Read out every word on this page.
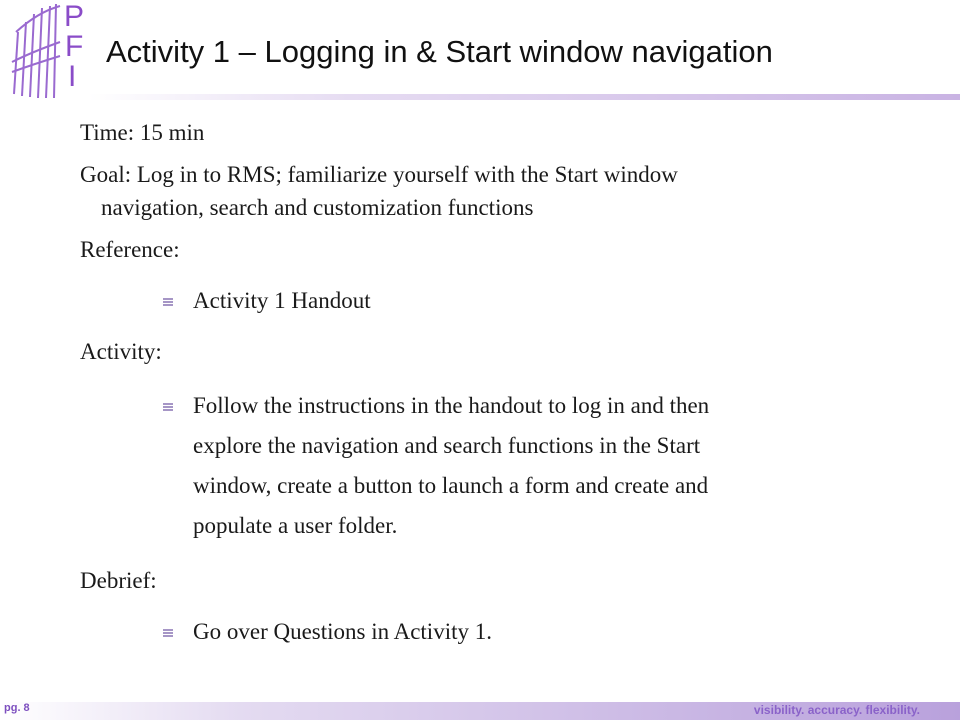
P
F
I
Activity 1 – Logging in & Start window navigation

Time: 15 min

Goal: Log in to RMS; familiarize yourself with the Start window
navigation, search and customization functions

Reference:

Activity 1 Handout

Activity:

Follow the instructions in the handout to log in and then
explore the navigation and search functions in the Start
window, create a button to launch a form and create and
populate a user folder.

Debrief:

Go over Questions in Activity 1.
pg. 8	visibility. accuracy. flexibility.
